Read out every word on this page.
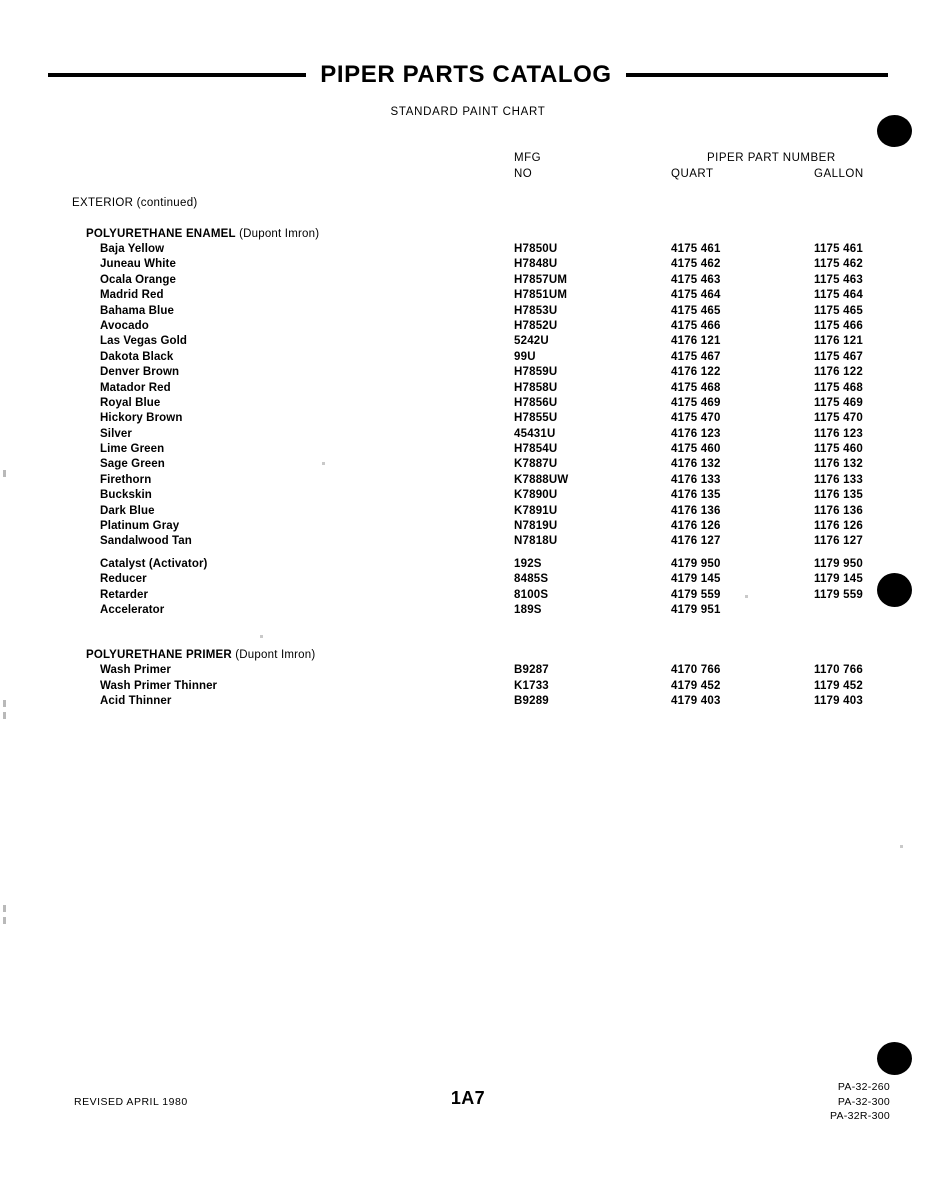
PIPER PARTS CATALOG
STANDARD PAINT CHART
MFG
NO
PIPER PART NUMBER
QUART	GALLON
EXTERIOR (continued)
POLYURETHANE ENAMEL (Dupont Imron)
Baja Yellow	H7850U	4175 461	1175 461
Juneau White	H7848U	4175 462	1175 462
Ocala Orange	H7857UM	4175 463	1175 463
Madrid Red	H7851UM	4175 464	1175 464
Bahama Blue	H7853U	4175 465	1175 465
Avocado	H7852U	4175 466	1175 466
Las Vegas Gold	5242U	4176 121	1176 121
Dakota Black	99U	4175 467	1175 467
Denver Brown	H7859U	4176 122	1176 122
Matador Red	H7858U	4175 468	1175 468
Royal Blue	H7856U	4175 469	1175 469
Hickory Brown	H7855U	4175 470	1175 470
Silver	45431U	4176 123	1176 123
Lime Green	H7854U	4175 460	1175 460
Sage Green	K7887U	4176 132	1176 132
Firethorn	K7888UW	4176 133	1176 133
Buckskin	K7890U	4176 135	1176 135
Dark Blue	K7891U	4176 136	1176 136
Platinum Gray	N7819U	4176 126	1176 126
Sandalwood Tan	N7818U	4176 127	1176 127
Catalyst (Activator)	192S	4179 950	1179 950
Reducer	8485S	4179 145	1179 145
Retarder	8100S	4179 559	1179 559
Accelerator	189S	4179 951
POLYURETHANE PRIMER (Dupont Imron)
Wash Primer	B9287	4170 766	1170 766
Wash Primer Thinner	K1733	4179 452	1179 452
Acid Thinner	B9289	4179 403	1179 403
REVISED APRIL 1980	1A7
PA-32-260
PA-32-300
PA-32R-300
